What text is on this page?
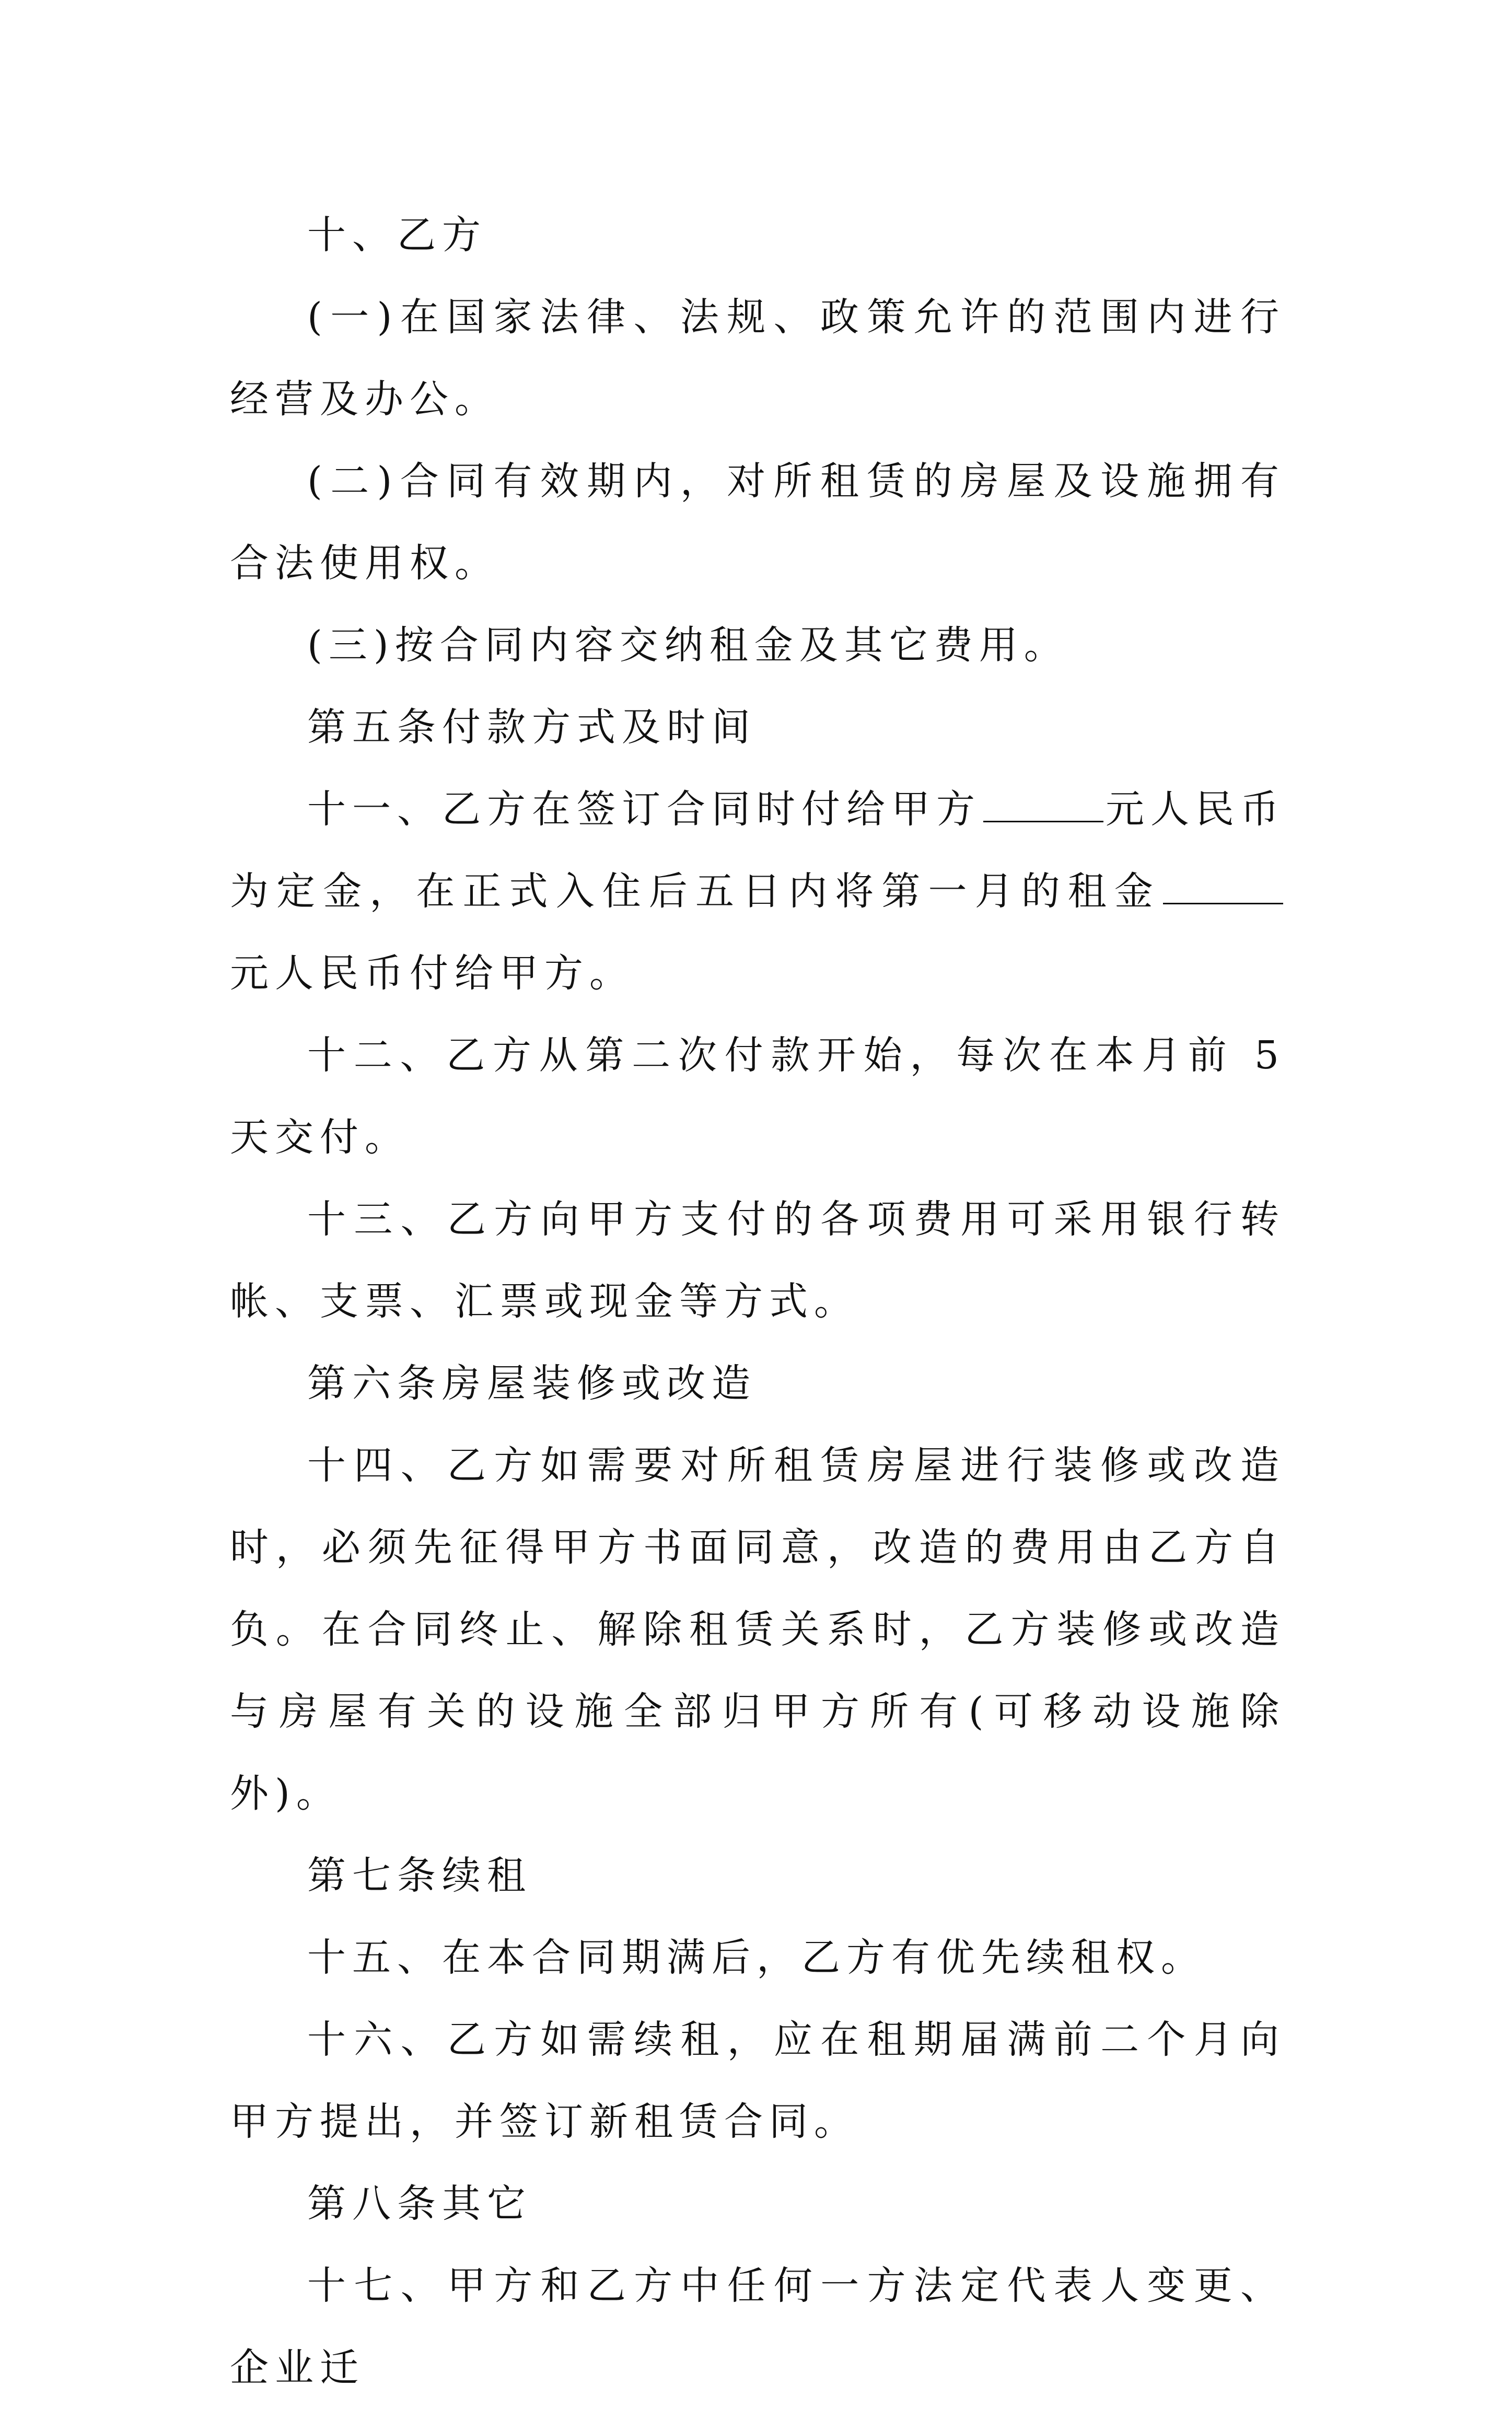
十、乙方

(一)在国家法律、法规、政策允许的范围内进行经营及办公。

(二)合同有效期内，对所租赁的房屋及设施拥有合法使用权。

(三)按合同内容交纳租金及其它费用。

第五条付款方式及时间

十一、乙方在签订合同时付给甲方	元人民币为定金，在正式入住后五日内将第一月的租金元人民币付给甲方。

十二、乙方从第二次付款开始，每次在本月前 5 天交付。

十三、乙方向甲方支付的各项费用可采用银行转帐、支票、汇票或现金等方式。

第六条房屋装修或改造

十四、乙方如需要对所租赁房屋进行装修或改造时，必须先征得甲方书面同意，改造的费用由乙方自负。在合同终止、解除租赁关系时，乙方装修或改造与房屋有关的设施全部归甲方所有(可移动设施除外)。

第七条续租

十五、在本合同期满后，乙方有优先续租权。

十六、乙方如需续租，应在租期届满前二个月向甲方提出，并签订新租赁合同。

第八条其它

十七、甲方和乙方中任何一方法定代表人变更、企业迁
